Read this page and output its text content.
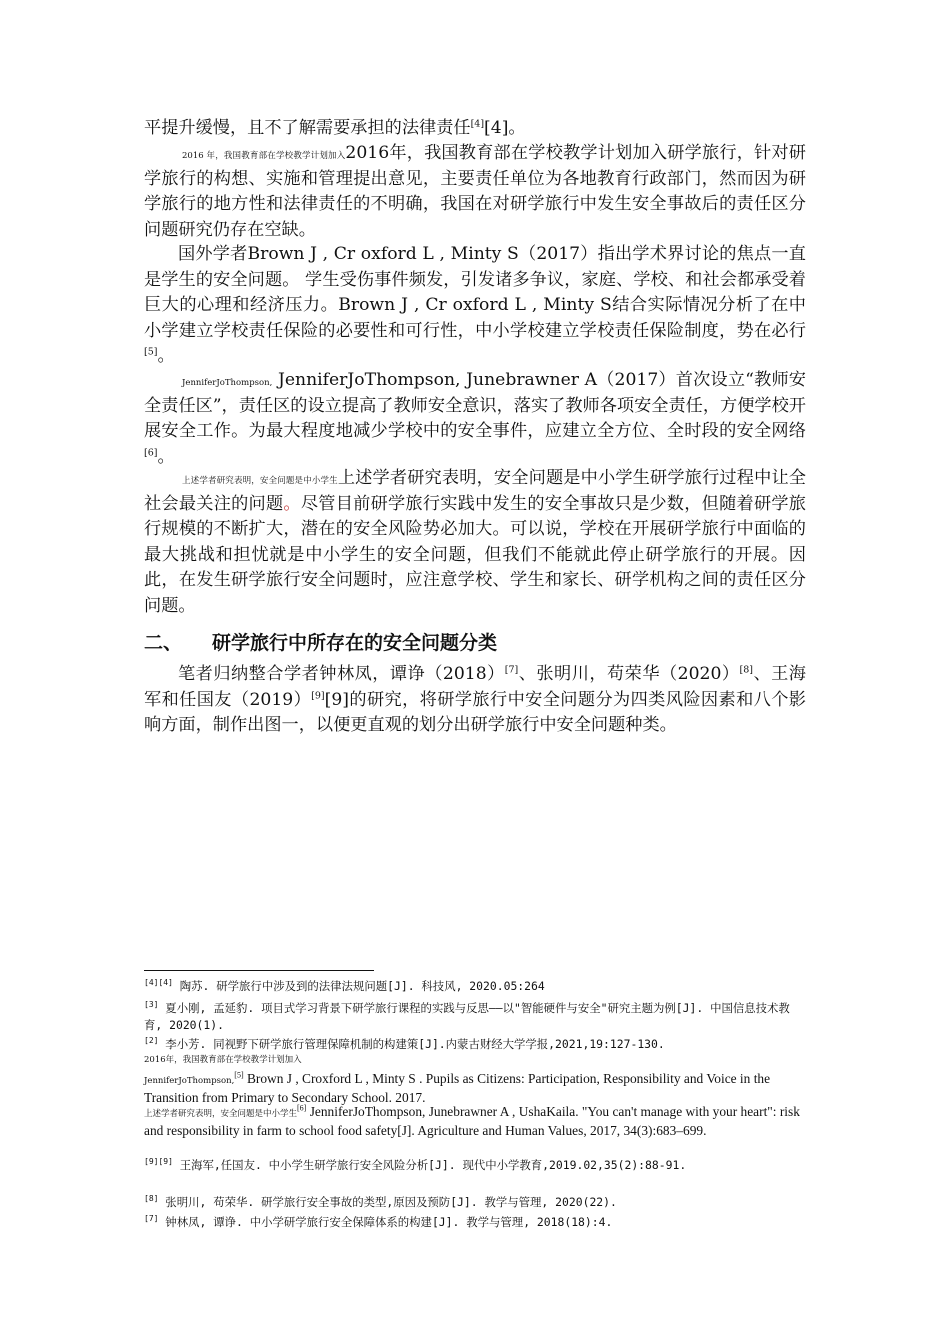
平提升缓慢，且不了解需要承担的法律责任[4][4]。

2016 年，我国教育部在学校教学计划加入2016年，我国教育部在学校教学计划加入研学旅行，针对研学旅行的构想、实施和管理提出意见，主要责任单位为各地教育行政部门，然而因为研学旅行的地方性和法律责任的不明确，我国在对研学旅行中发生安全事故后的责任区分问题研究仍存在空缺。

国外学者Brown J , Cr oxford L , Minty S（2017）指出学术界讨论的焦点一直是学生的安全问题。 学生受伤事件频发，引发诸多争议，家庭、学校、和社会都承受着巨大的心理和经济压力。Brown J , Cr oxford L , Minty S结合实际情况分析了在中小学建立学校责任保险的必要性和可行性，中小学校建立学校责任保险制度，势在必行[5]。

JenniferJoThompson, JenniferJoThompson, Junebrawner A（2017）首次设立“教师安全责任区”，责任区的设立提高了教师安全意识，落实了教师各项安全责任，方便学校开展安全工作。为最大程度地减少学校中的安全事件，应建立全方位、全时段的安全网络[6]。

上述学者研究表明，安全问题是中小学生上述学者研究表明，安全问题是中小学生研学旅行过程中让全社会最关注的问题。尽管目前研学旅行实践中发生的安全事故只是少数，但随着研学旅行规模的不断扩大，潜在的安全风险势必加大。可以说，学校在开展研学旅行中面临的最大挑战和担忧就是中小学生的安全问题，但我们不能就此停止研学旅行的开展。因此，在发生研学旅行安全问题时，应注意学校、学生和家长、研学机构之间的责任区分问题。

二、 研学旅行中所存在的安全问题分类

笔者归纳整合学者钟林凤，谭诤（2018）[7]、张明川，苟荣华（2020）[8]、王海军和任国友（2019）[9][9]的研究，将研学旅行中安全问题分为四类风险因素和八个影响方面，制作出图一，以便更直观的划分出研学旅行中安全问题种类。

[4][4] 陶苏. 研学旅行中涉及到的法律法规问题[J]. 科技风, 2020.05:264
[3] 夏小刚, 孟延豹. 项目式学习背景下研学旅行课程的实践与反思——以"智能硬件与安全"研究主题为例[J]. 中国信息技术教育, 2020(1).
[2] 李小芳. 同视野下研学旅行管理保障机制的构建策[J].内蒙古财经大学学报,2021,19:127-130.
2016年，我国教育部在学校教学计划加入
JenniferJoThompson,[5] Brown J , Croxford L , Minty S . Pupils as Citizens: Participation, Responsibility and Voice in the Transition from Primary to Secondary School. 2017.
上述学者研究表明，安全问题是中小学生[6] JenniferJoThompson, Junebrawner A , UshaKaila. "You can't manage with your heart": risk and responsibility in farm to school food safety[J]. Agriculture and Human Values, 2017, 34(3):683–699.
[9][9] 王海军,任国友. 中小学生研学旅行安全风险分析[J]. 现代中小学教育,2019.02,35(2):88-91.
[8] 张明川, 苟荣华. 研学旅行安全事故的类型,原因及预防[J]. 教学与管理, 2020(22).
[7] 钟林凤, 谭诤. 中小学研学旅行安全保障体系的构建[J]. 教学与管理, 2018(18):4.
